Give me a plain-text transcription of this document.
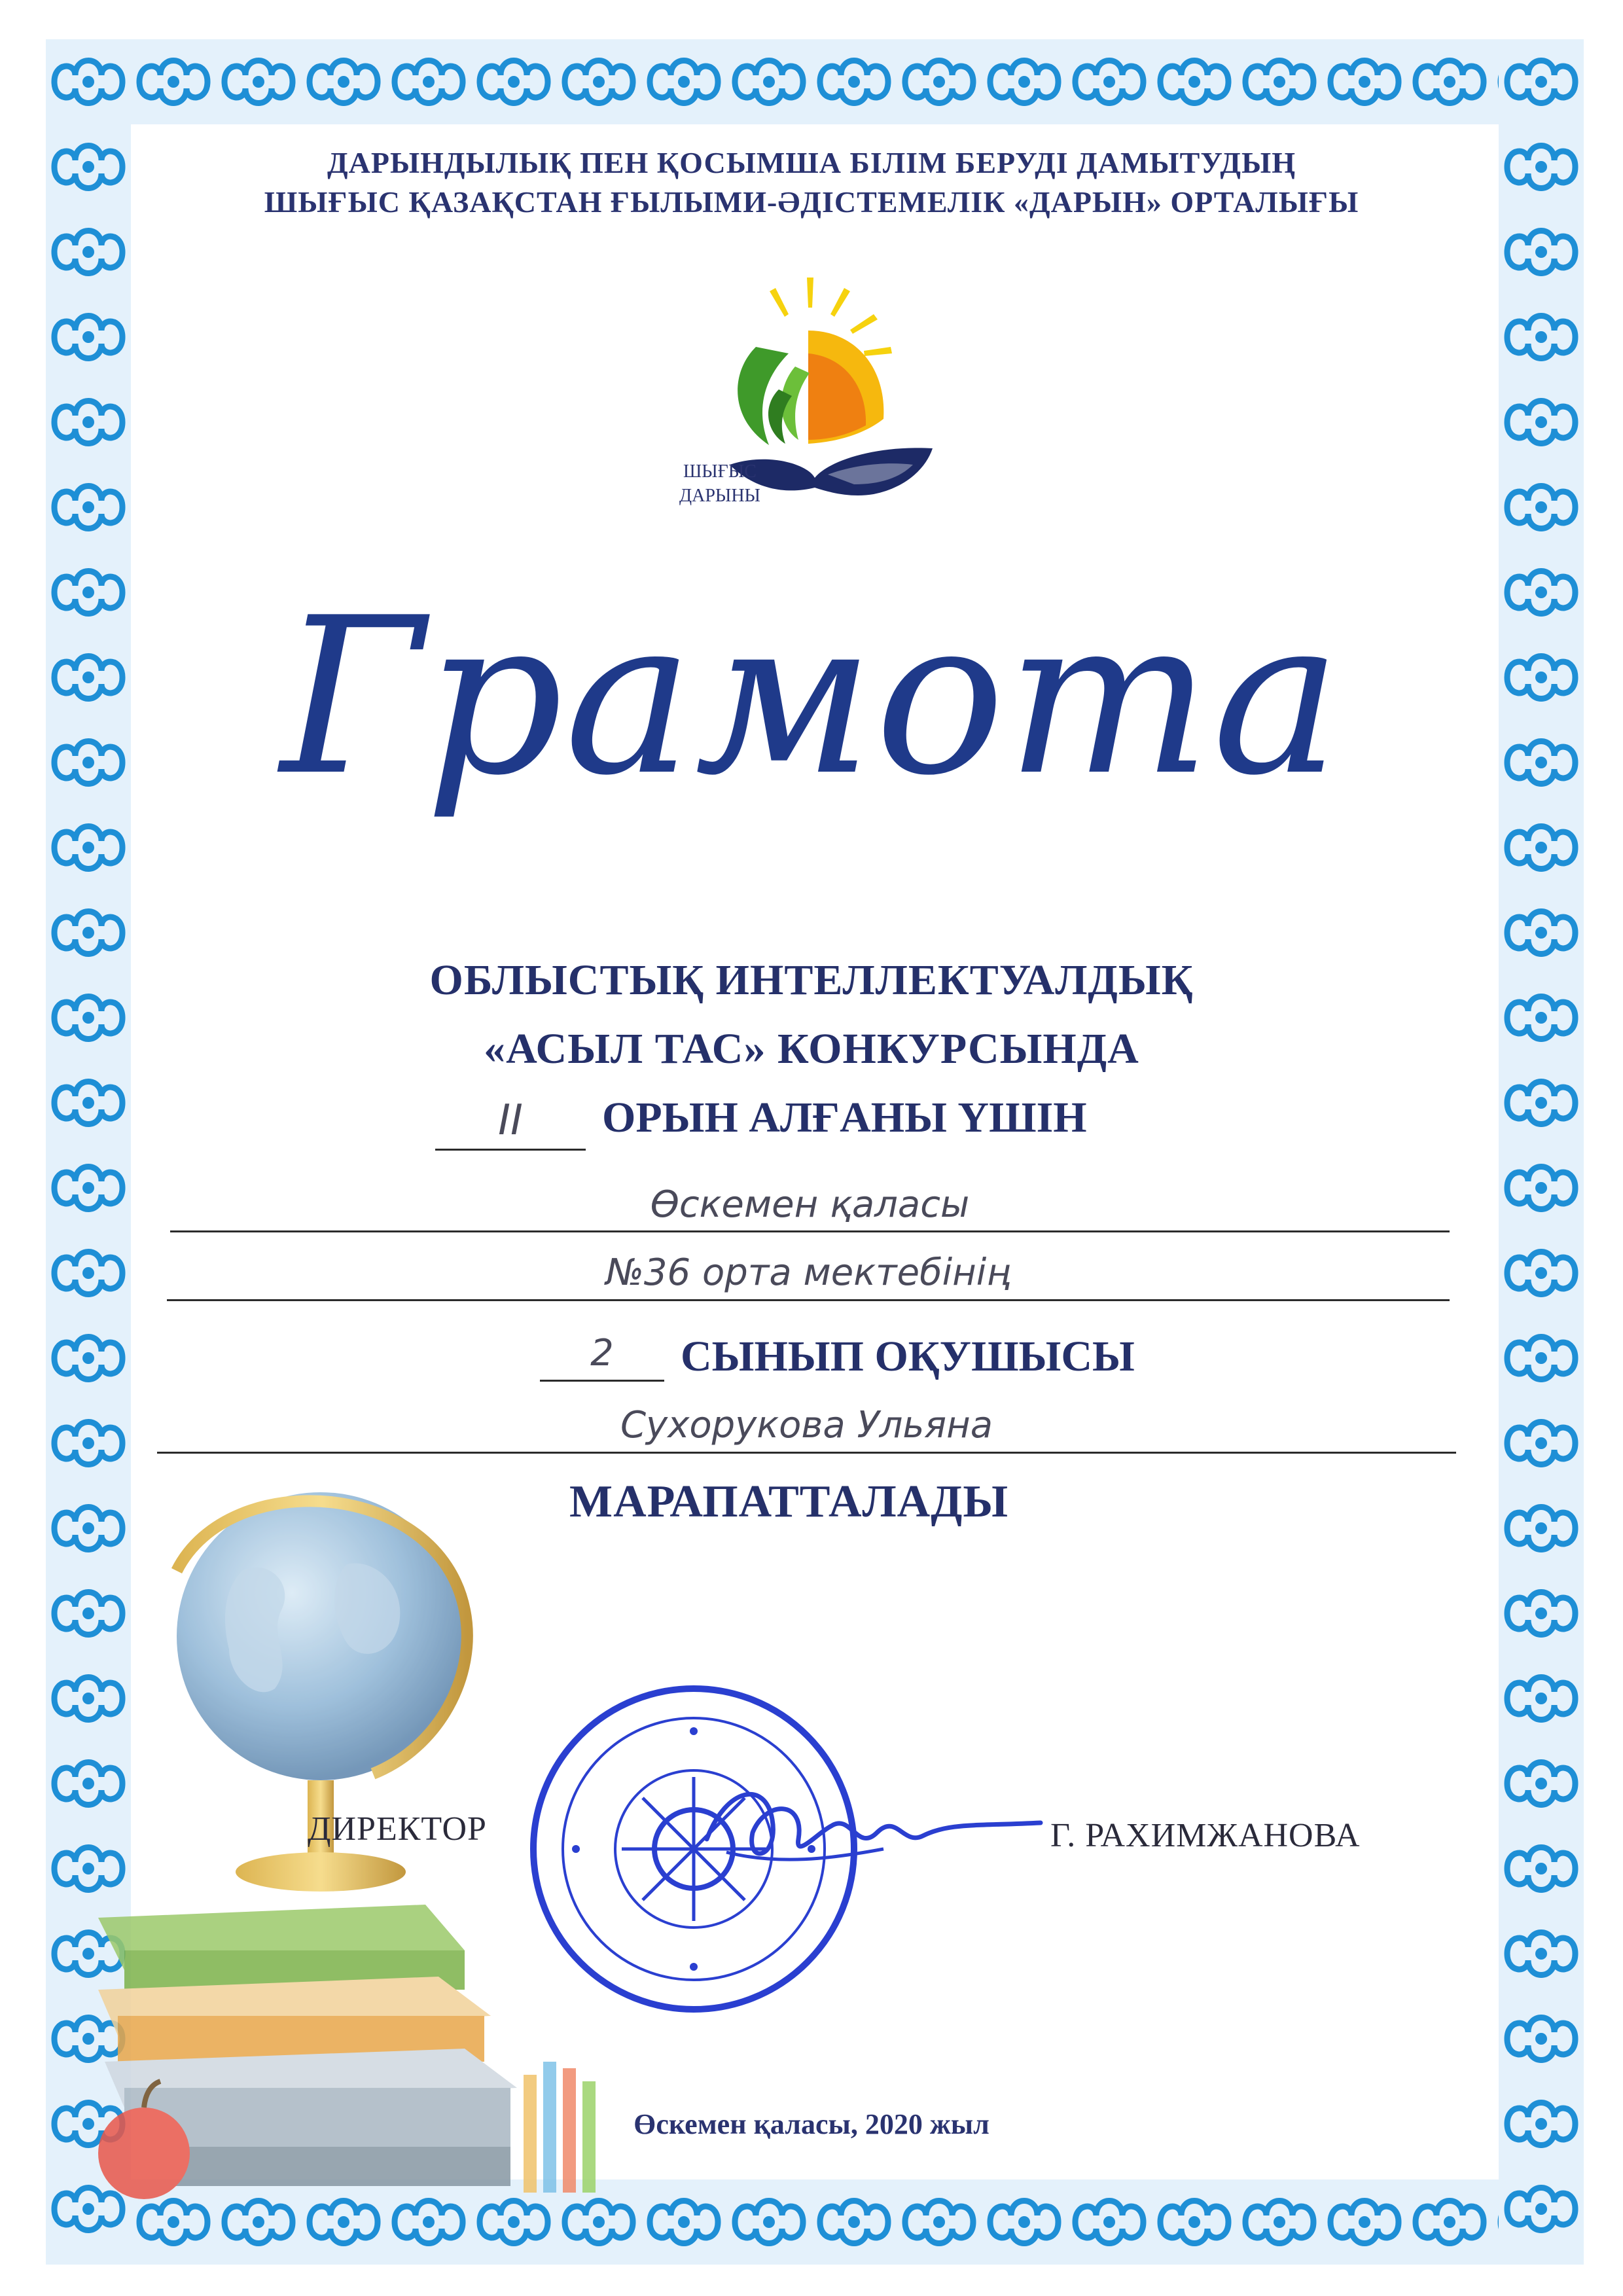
ДАРЫНДЫЛЫҚ ПЕН ҚОСЫМША БІЛІМ БЕРУДІ ДАМЫТУДЫҢ
ШЫҒЫС ҚАЗАҚСТАН ҒЫЛЫМИ-ӘДІСТЕМЕЛІК «ДАРЫН» ОРТАЛЫҒЫ
ШЫҒЫС
ДАРЫНЫ
Грамота
ОБЛЫСТЫҚ ИНТЕЛЛЕКТУАЛДЫҚ
«АСЫЛ ТАС» КОНКУРСЫНДА
II	ОРЫН АЛҒАНЫ ҮШІН
Өскемен қаласы
№36 орта мектебінің
2	СЫНЫП ОҚУШЫСЫ
Сухорукова Ульяна
МАРАПАТТАЛАДЫ
ДИРЕКТОР	Г. РАХИМЖАНОВА
Өскемен қаласы, 2020 жыл
